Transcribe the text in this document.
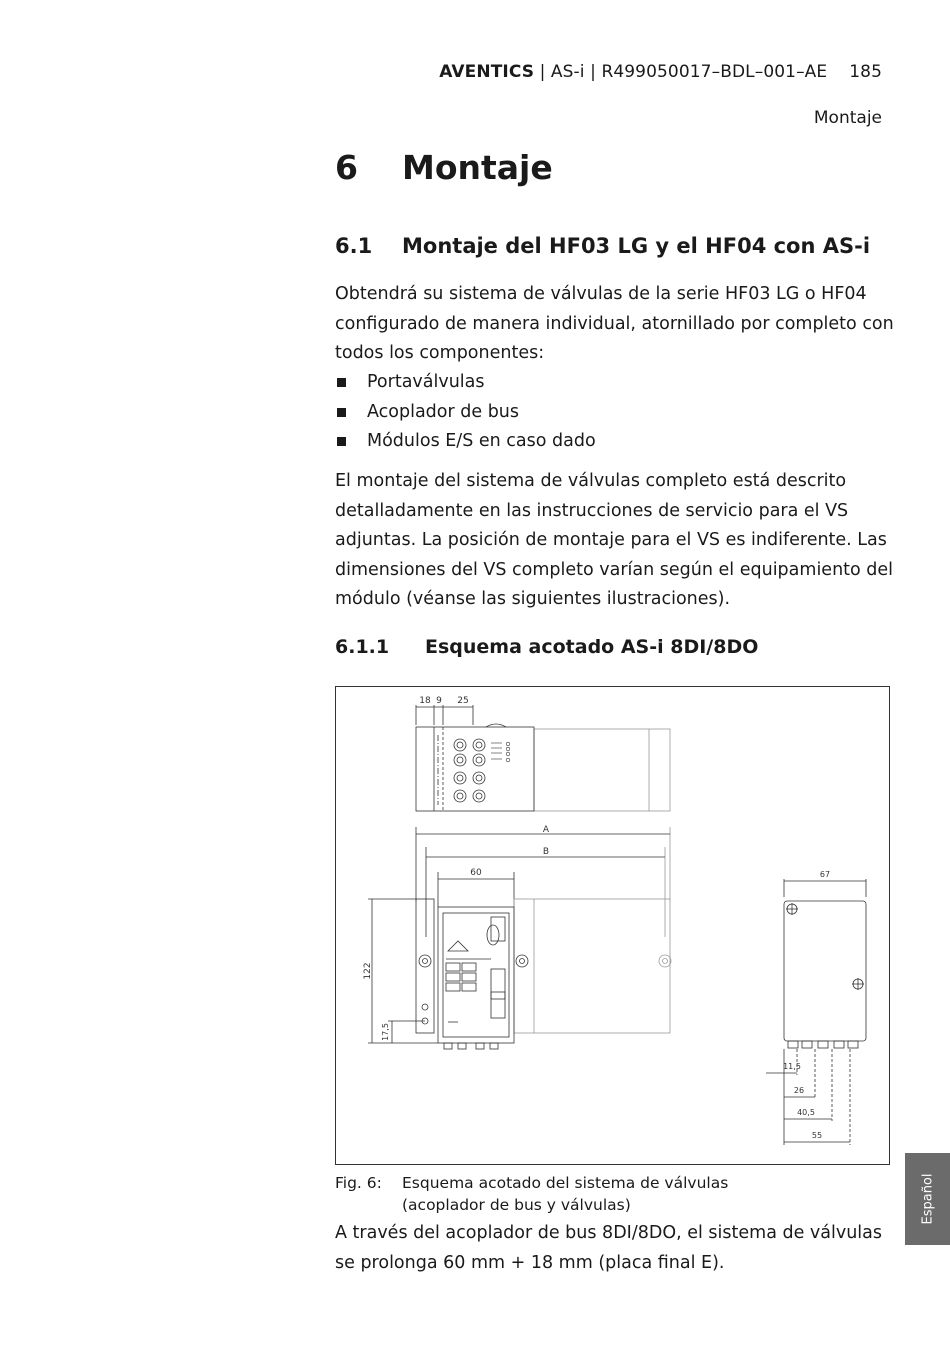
AVENTICS | AS-i | R499050017–BDL–001–AE 185
Montaje
6 Montaje
6.1 Montaje del HF03 LG y el HF04 con AS-i
Obtendrá su sistema de válvulas de la serie HF03 LG o HF04 configurado de manera individual, atornillado por completo con todos los componentes:
Portaválvulas
Acoplador de bus
Módulos E/S en caso dado
El montaje del sistema de válvulas completo está descrito detalladamente en las instrucciones de servicio para el VS adjuntas. La posición de montaje para el VS es indiferente. Las dimensiones del VS completo varían según el equipamiento del módulo (véanse las siguientes ilustraciones).
6.1.1 Esquema acotado AS-i 8DI/8DO
18 9 25
A
B
60
122
17,5
67
11,5
26
40,5
55
Fig. 6: Esquema acotado del sistema de válvulas
(acoplador de bus y válvulas)
A través del acoplador de bus 8DI/8DO, el sistema de válvulas se prolonga 60 mm + 18 mm (placa final E).
Español
